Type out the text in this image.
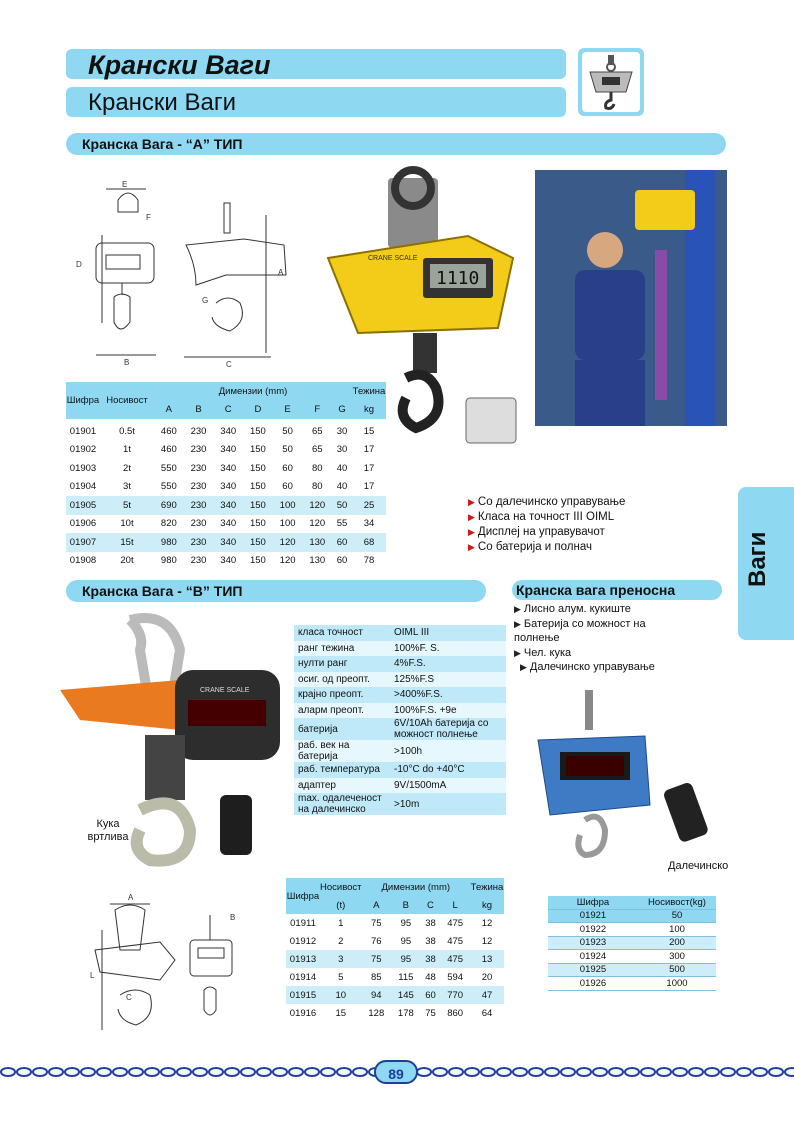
Крански Ваги
Крански Ваги
Кранска Вага - “А” ТИП
E
D
B
F
A
C
G
1110
CRANE SCALE
Шифра	Носивост	Димензии (mm)							Тежина
		A	B	C	D	E	F	G	kg

01901	0.5t	460	230	340	150	50	65	30	15
01902	1t	460	230	340	150	50	65	30	17
01903	2t	550	230	340	150	60	80	40	17
01904	3t	550	230	340	150	60	80	40	17
01905	5t	690	230	340	150	100	120	50	25
01906	10t	820	230	340	150	100	120	55	34
01907	15t	980	230	340	150	120	130	60	68
01908	20t	980	230	340	150	120	130	60	78
▶ Со далечинско управување
▶ Класа на точност III OIML
▶ Дисплеј на управувачот
▶ Со батерија и полнач	Ваги
Кранска Вага - “В” ТИП
CRANE SCALE
Кука вртлива
класа точност	OIML III
ранг тежина	100%F. S.
нулти ранг	4%F.S.
осиг. од преопт.	125%F.S
крајно преопт.	>400%F.S.
аларм преопт.	100%F.S. +9e
батерија	6V/10Ah батерија со можност полнење
раб. век на батерија	>100h
раб. температура	-10°C do +40°C
адаптер	9V/1500mA
max. одалеченост на далечинско	>10m
Шифра	Носивост	Димензии (mm)				Тежина
	(t)	A	B	C	L	kg
01911	1	75	95	38	475	12
01912	2	76	95	38	475	12
01913	3	75	95	38	475	13
01914	5	85	115	48	594	20
01915	10	94	145	60	770	47
01916	15	128	178	75	860	64
A
L
C
B
Кранска вага преносна
▶ Лисно алум. кукиште
▶ Батерија со можност на полнење
▶ Чел. кука
▶ Далечинско управување
Далечинско
Шифра	Носивост(kg)
01921	50
01922	100
01923	200
01924	300
01925	500
01926	1000
89
